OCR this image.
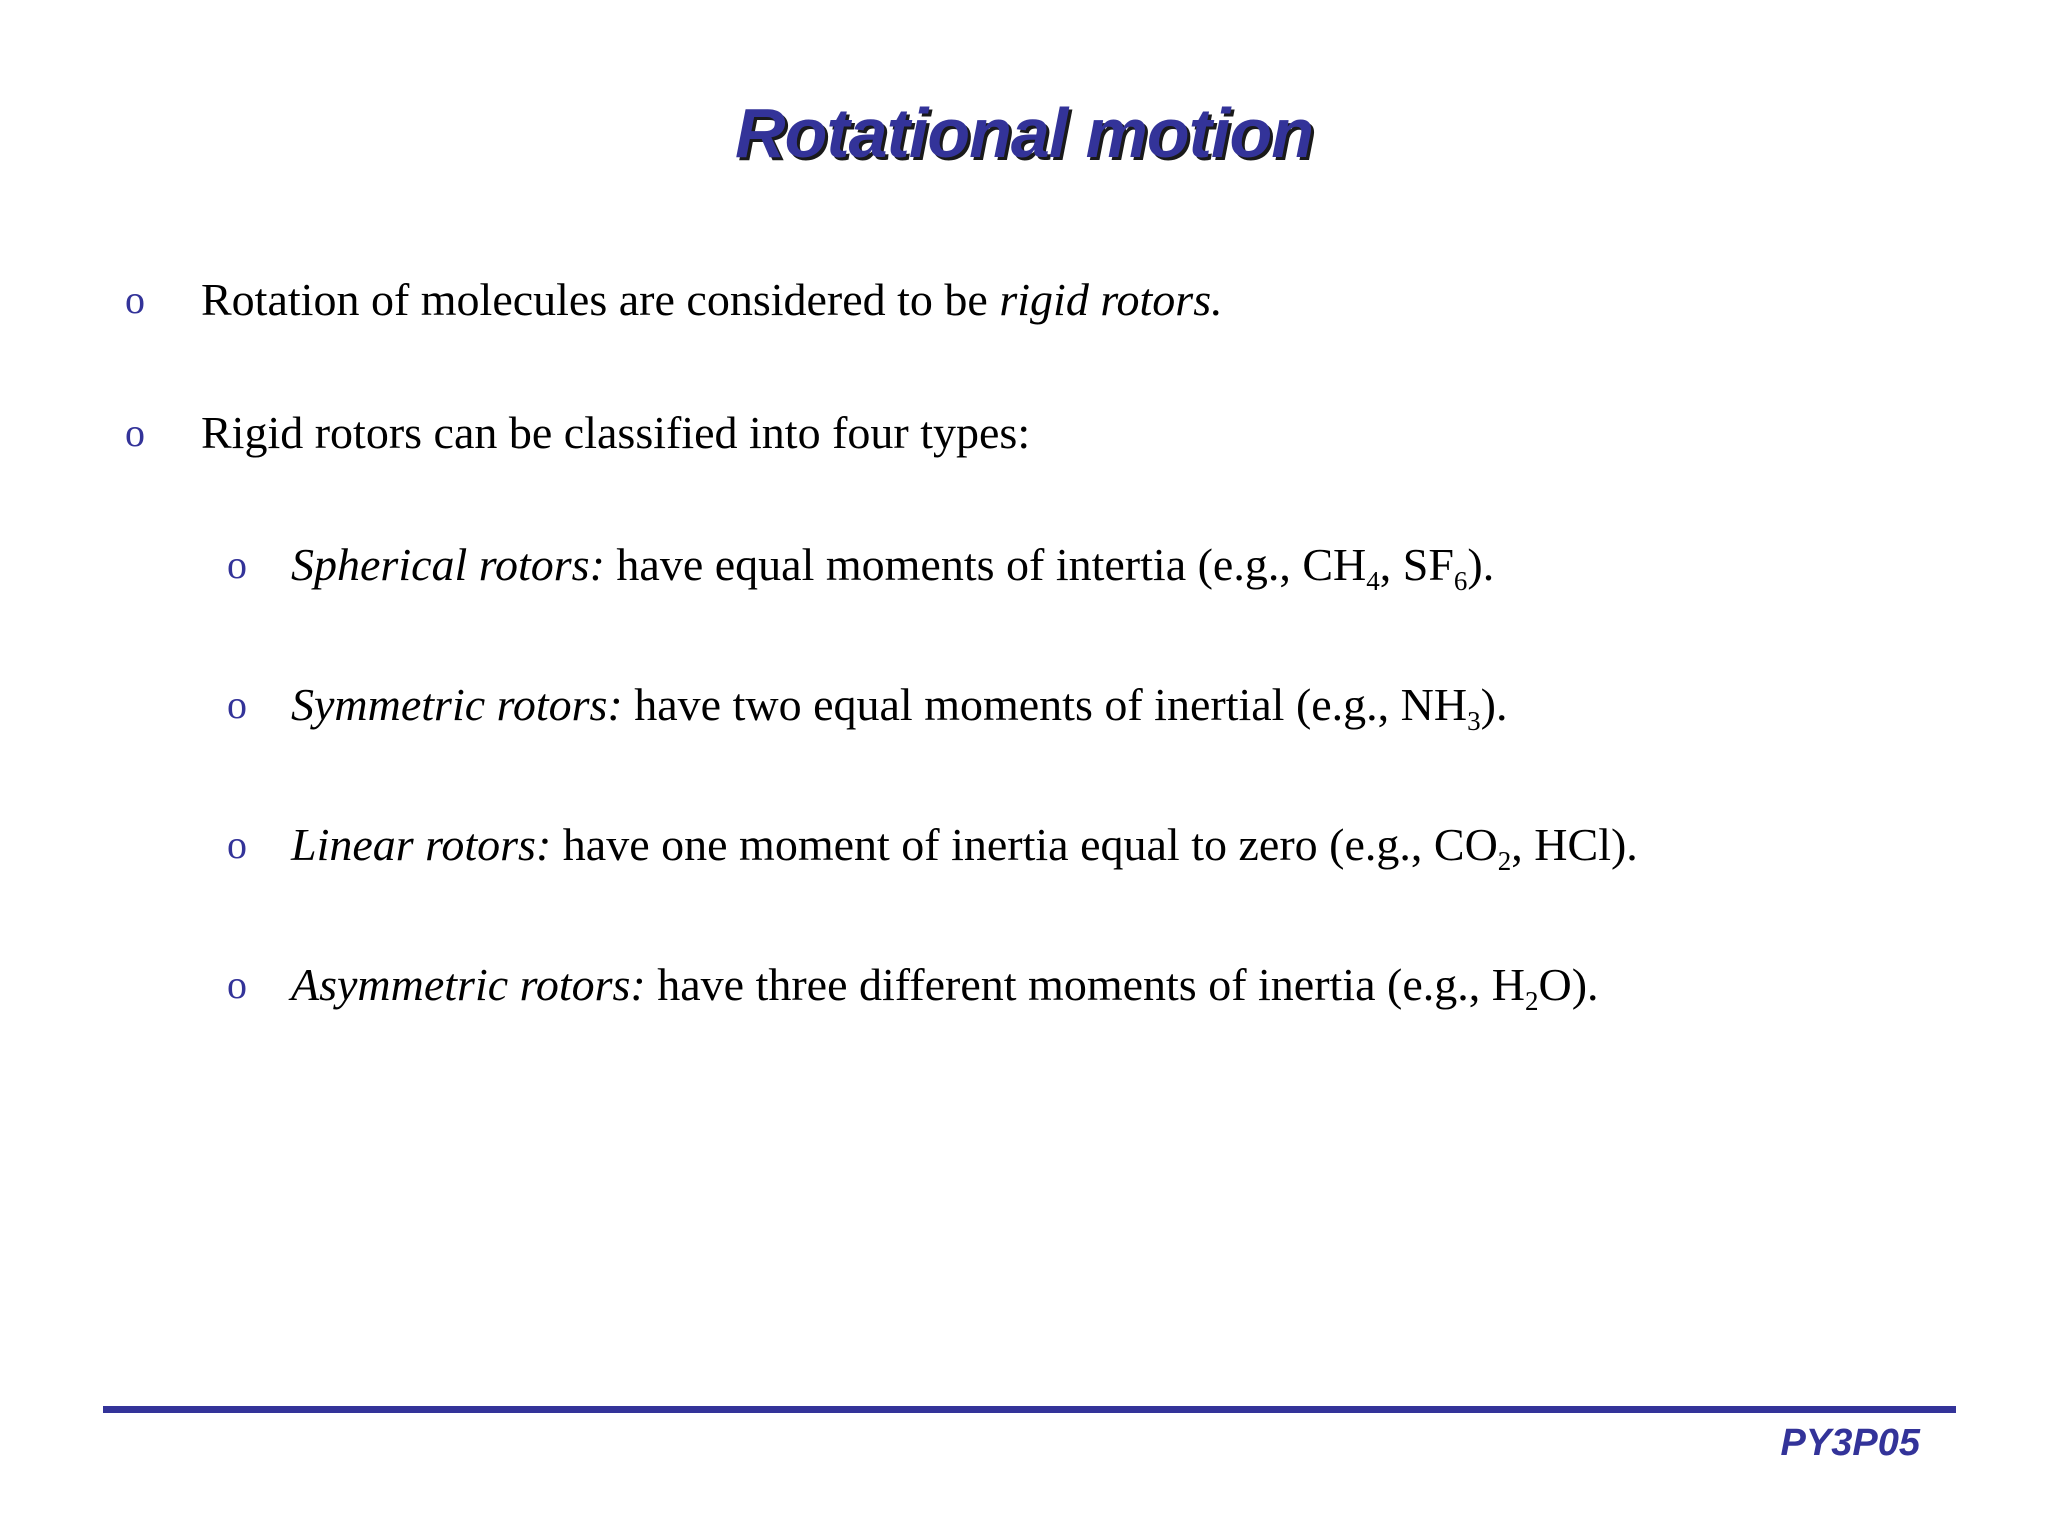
Rotational motion
o Rotation of molecules are considered to be rigid rotors.
o Rigid rotors can be classified into four types:
o Spherical rotors: have equal moments of intertia (e.g., $CH_4$, $SF_6$).
o Symmetric rotors: have two equal moments of inertial (e.g., $NH_3$).
o Linear rotors: have one moment of inertia equal to zero (e.g., $CO_2$, HCl).
o Asymmetric rotors: have three different moments of inertia (e.g., $H_2O$).
PY3P05
